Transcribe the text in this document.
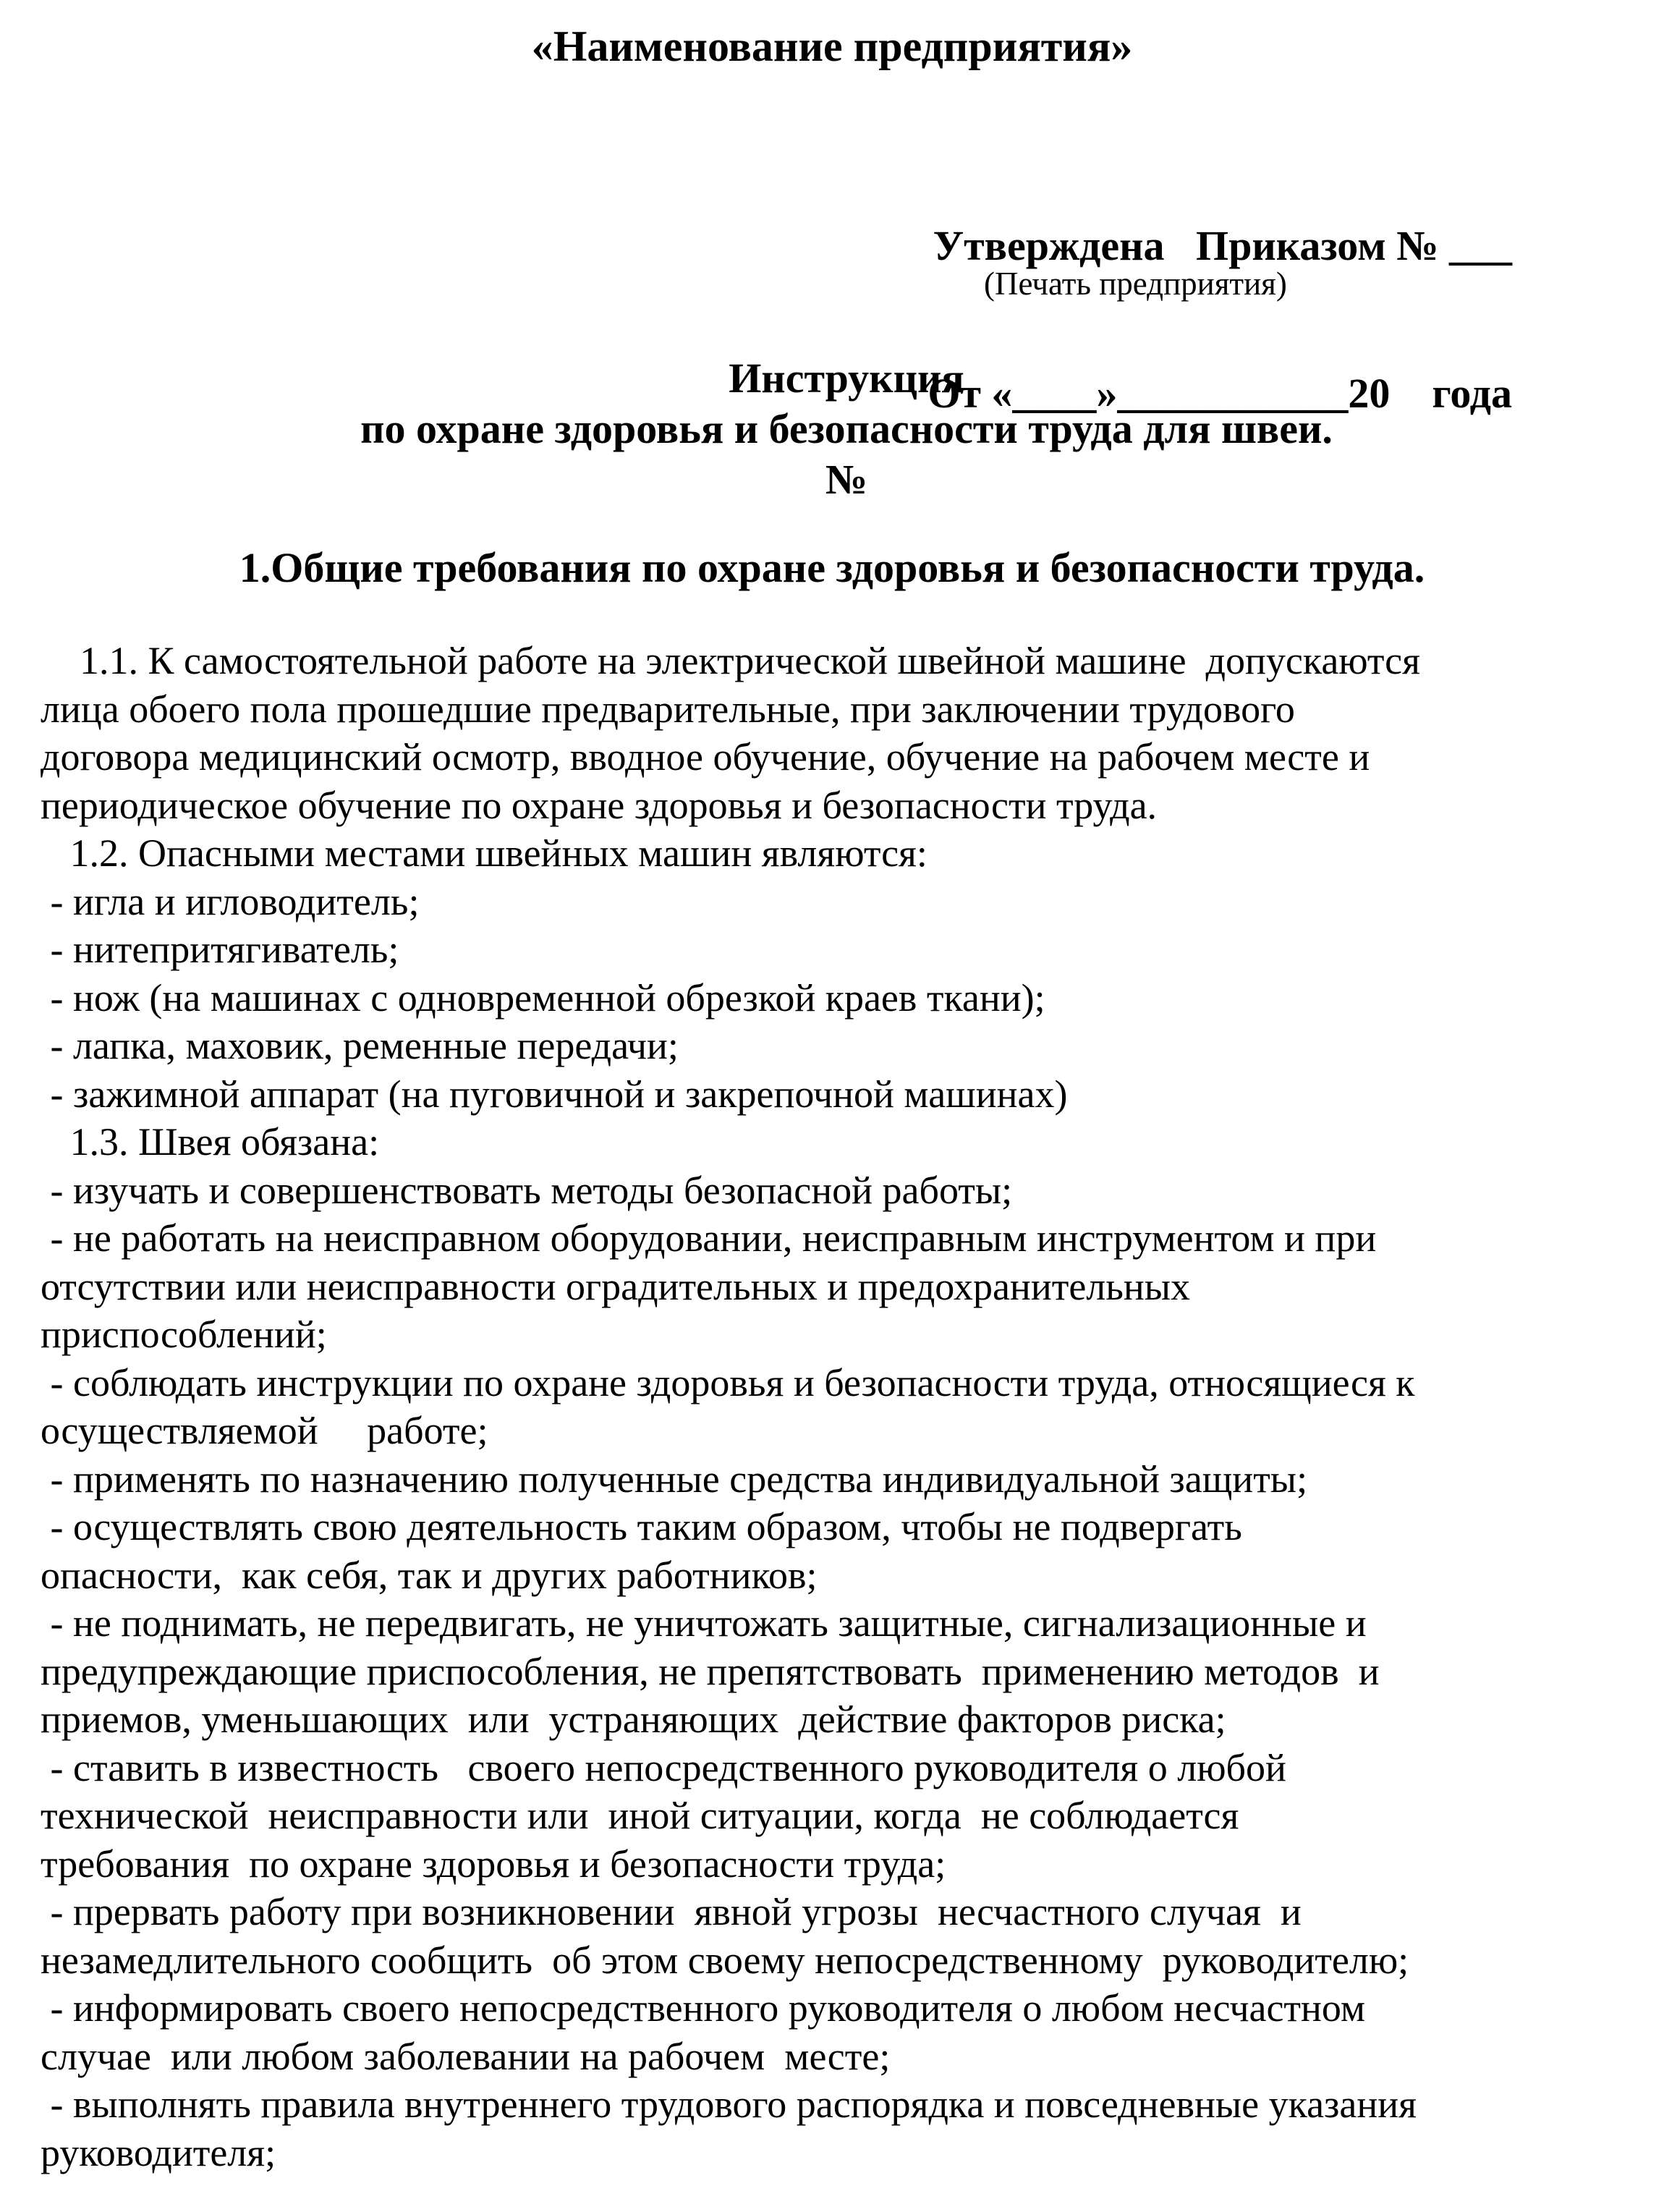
«Наименование предприятия»

Утверждена   Приказом № ___

От «____»___________20    года

(Печать предприятия)
Инструкция
по охране здоровья и безопасности труда для швеи.
№
1.Общие требования по охране здоровья и безопасности труда.
1.1. К самостоятельной работе на электрической швейной машине  допускаются
лица обоего пола прошедшие предварительные, при заключении трудового
договора медицинский осмотр, вводное обучение, обучение на рабочем месте и
периодическое обучение по охране здоровья и безопасности труда.
1.2. Опасными местами швейных машин являются:
- игла и игловодитель;
- нитепритягиватель;
- нож (на машинах с одновременной обрезкой краев ткани);
- лапка, маховик, ременные передачи;
- зажимной аппарат (на пуговичной и закрепочной машинах)
1.3. Швея обязана:
- изучать и совершенствовать методы безопасной работы;
- не работать на неисправном оборудовании, неисправным инструментом и при
отсутствии или неисправности оградительных и предохранительных
приспособлений;
- соблюдать инструкции по охране здоровья и безопасности труда, относящиеся к
осуществляемой     работе;
- применять по назначению полученные средства индивидуальной защиты;
- осуществлять свою деятельность таким образом, чтобы не подвергать
опасности,  как себя, так и других работников;
- не поднимать, не передвигать, не уничтожать защитные, сигнализационные и
предупреждающие приспособления, не препятствовать  применению методов  и
приемов, уменьшающих  или  устраняющих  действие факторов риска;
- ставить в известность   своего непосредственного руководителя о любой
технической  неисправности или  иной ситуации, когда  не соблюдается
требования  по охране здоровья и безопасности труда;
- прервать работу при возникновении  явной угрозы  несчастного случая  и
незамедлительного сообщить  об этом своему непосредственному  руководителю;
- информировать своего непосредственного руководителя о любом несчастном
случае  или любом заболевании на рабочем  месте;
- выполнять правила внутреннего трудового распорядка и повседневные указания
руководителя;
